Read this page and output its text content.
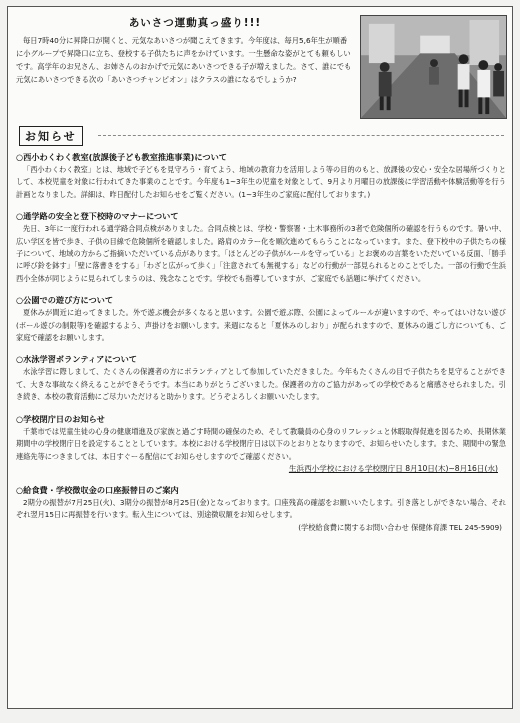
あいさつ運動真っ盛り!!!

毎日7時40分に昇降口が開くと、元気なあいさつが聞こえてきます。今年度は、毎月5,6年生が順番に小グループで昇降口に立ち、登校する子供たちに声をかけています。一生懸命な姿がとても頼もしいです。高学年のお兄さん、お姉さんのおかげで元気にあいさつできる子が増えました。さて、誰にでも元気にあいさつできる次の「あいさつチャンピオン」はクラスの誰になるでしょうか?

お知らせ

○西小わくわく教室(放課後子ども教室推進事業)について

「西小わくわく教室」とは、地域で子どもを見守ろう・育てよう、地域の教育力を活用しよう等の目的のもと、放課後の安心・安全な居場所づくりとして、本校児童を対象に行われてきた事業のことです。今年度も1~3年生の児童を対象として、9月より月曜日の放課後に学習活動や体験活動等を行う計画となりました。詳細は、昨日配付したお知らせをご覧ください。(1~3年生のご家庭に配付しております。)

○通学路の安全と登下校時のマナーについて

先日、3年に一度行われる通学路合同点検がありました。合同点検とは、学校・警察署・土木事務所の3者で危険個所の確認を行うものです。暑い中、広い学区を皆で歩き、子供の目線で危険個所を確認しました。路肩のカラー化を順次進めてもらうことになっています。また、登下校中の子供たちの様子について、地域の方からご指摘いただいている点があります。「ほとんどの子供がルールを守っている」とお褒めの言葉をいただいている反面、「勝手に呼び鈴を鉢す」「壁に落書きをする」「わざと広がって歩く」「注意されても無視する」などの行動が一部見られるとのことでした。一部の行動で生浜西小全体が同じように見られてしまうのは、残念なことです。学校でも指導していますが、ご家庭でも話題に挙げてください。

○公園での遊び方について

夏休みが間近に迫ってきました。外で遊ぶ機会が多くなると思います。公園で遊ぶ際、公園によってルールが違いますので、やってはいけない遊び(ボール遊びの制限等)を確認するよう、声掛けをお願いします。来週になると「夏休みのしおり」が配られますので、夏休みの過ごし方についても、ご家庭で確認をお願いします。

○水泳学習ボランティアについて

水泳学習に際しまして、たくさんの保護者の方にボランティアとして参加していただきました。今年もたくさんの目で子供たちを見守ることができて、大きな事故なく終えることができそうです。本当にありがとうございました。保護者の方のご協力があっての学校であると痛感させられました。引き続き、本校の教育活動にご尽力いただけると助かります。どうぞよろしくお願いいたします。

○学校閉庁日のお知らせ

千葉市では児童生徒の心身の健康増進及び家族と過ごす時間の確保のため、そして教職員の心身のリフレッシュと休暇取得促進を図るため、長期休業期間中の学校閉庁日を設定することとしています。本校における学校閉庁日は以下のとおりとなりますので、お知らせいたします。また、期間中の緊急連絡先等につきましては、本日すぐーる配信にてお知らせしますのでご確認ください。

生浜西小学校における学校閉庁日 8月10日(木)~8月16日(水)

○給食費・学校徴収金の口座振替日のご案内

2期分の振替が7月25日(火)、3期分の振替が8月25日(金)となっております。口座残高の確認をお願いいたします。引き落としができない場合、それぞれ翌月15日に再振替を行います。転入生については、別途徴収額をお知らせします。

(学校給食費に関するお問い合わせ 保健体育課 TEL 245-5909)
